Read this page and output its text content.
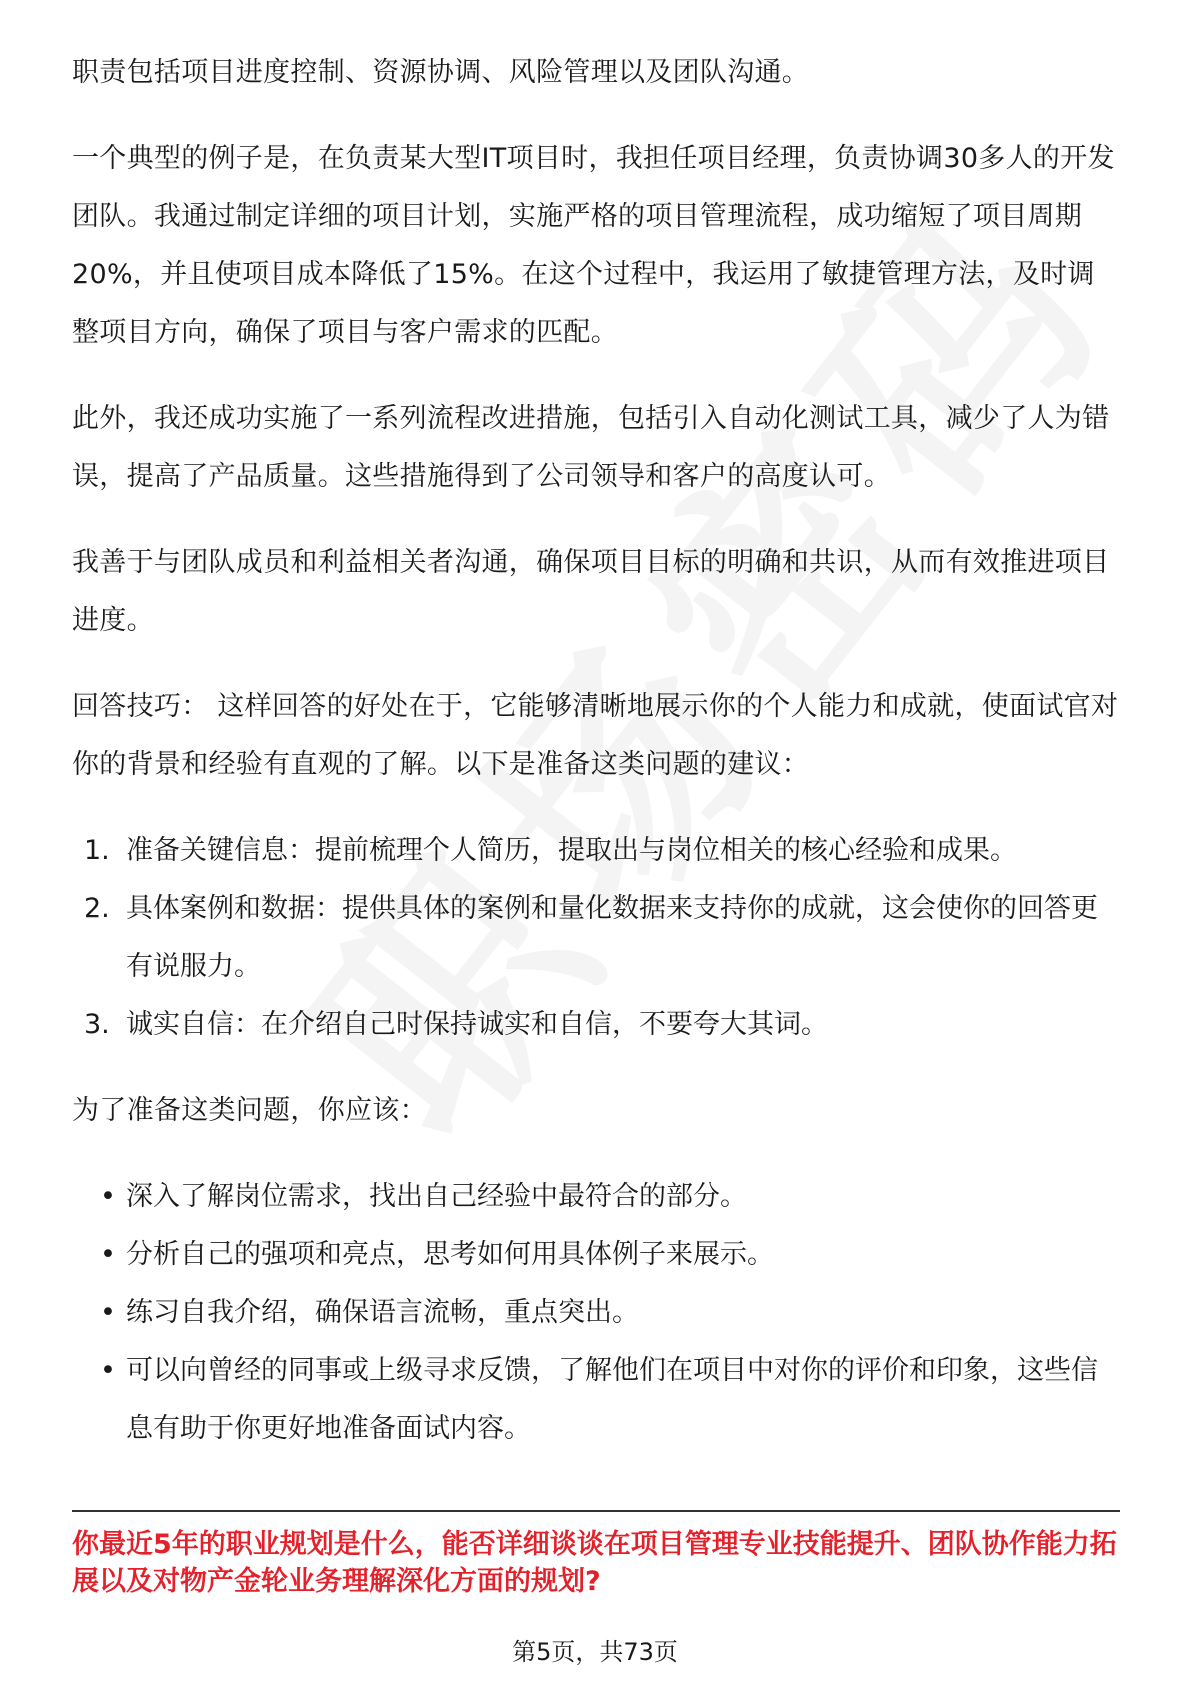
职责包括项目进度控制、资源协调、风险管理以及团队沟通。

一个典型的例子是，在负责某大型IT项目时，我担任项目经理，负责协调30多人的开发团队。我通过制定详细的项目计划，实施严格的项目管理流程，成功缩短了项目周期20%，并且使项目成本降低了15%。在这个过程中，我运用了敏捷管理方法，及时调整项目方向，确保了项目与客户需求的匹配。

此外，我还成功实施了一系列流程改进措施，包括引入自动化测试工具，减少了人为错误，提高了产品质量。这些措施得到了公司领导和客户的高度认可。

我善于与团队成员和利益相关者沟通，确保项目目标的明确和共识，从而有效推进项目进度。

回答技巧： 这样回答的好处在于，它能够清晰地展示你的个人能力和成就，使面试官对你的背景和经验有直观的了解。以下是准备这类问题的建议：

1. 准备关键信息：提前梳理个人简历，提取出与岗位相关的核心经验和成果。
2. 具体案例和数据：提供具体的案例和量化数据来支持你的成就，这会使你的回答更有说服力。
3. 诚实自信：在介绍自己时保持诚实和自信，不要夸大其词。

为了准备这类问题，你应该：

• 深入了解岗位需求，找出自己经验中最符合的部分。
• 分析自己的强项和亮点，思考如何用具体例子来展示。
• 练习自我介绍，确保语言流畅，重点突出。
• 可以向曾经的同事或上级寻求反馈，了解他们在项目中对你的评价和印象，这些信息有助于你更好地准备面试内容。
你最近5年的职业规划是什么，能否详细谈谈在项目管理专业技能提升、团队协作能力拓展以及对物产金轮业务理解深化方面的规划?
第5页，共73页
